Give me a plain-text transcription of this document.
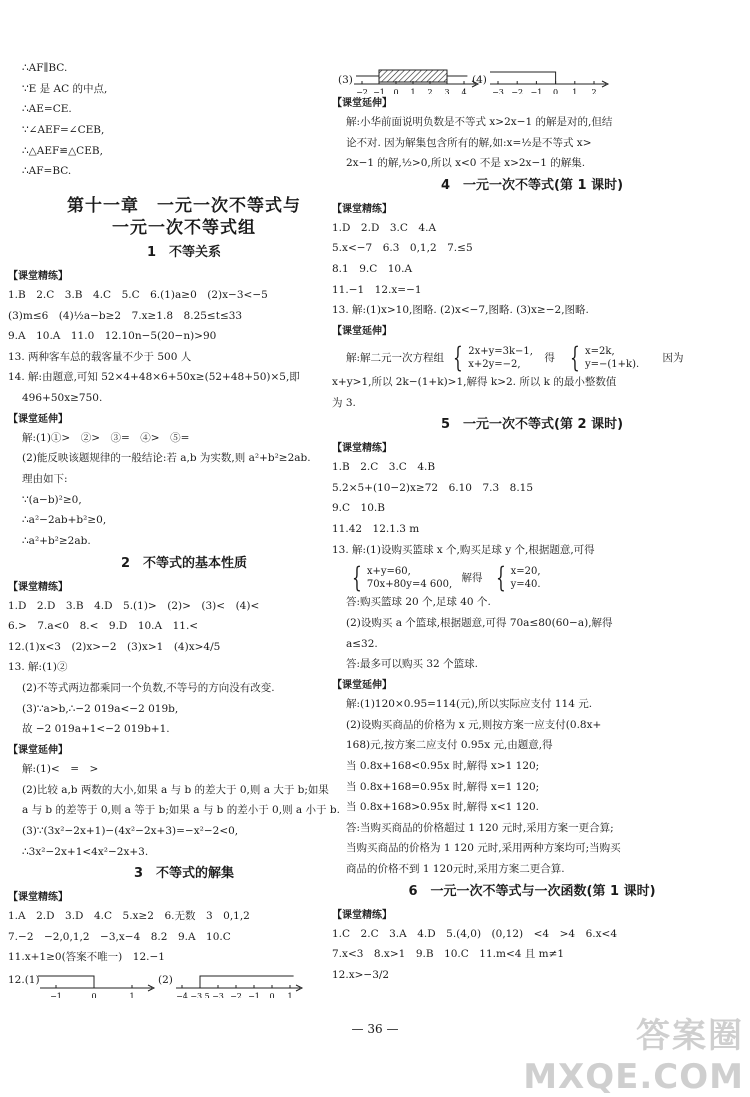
∴AF∥BC.
∵E 是 AC 的中点,
∴AE=CE.
∵∠AEF=∠CEB,
∴△AEF≌△CEB,
∴AF=BC.
第十一章　一元一次不等式与
一元一次不等式组
1　不等关系
【课堂精练】
1.B　2.C　3.B　4.C　5.C　6.(1)a≥0　(2)x−3<−5
(3)m≤6　(4)½a−b≥2　7.x≥1.8　8.25≤t≤33
9.A　10.A　11.0　12.10n−5(20−n)>90
13. 两种客车总的载客量不少于 500 人
14. 解:由题意,可知 52×4+48×6+50x≥(52+48+50)×5,即
496+50x≥750.
【课堂延伸】
解:(1)①>　②>　③=　④>　⑤=
(2)能反映该题规律的一般结论:若 a,b 为实数,则 a²+b²≥2ab.
理由如下:
∵(a−b)²≥0,
∴a²−2ab+b²≥0,
∴a²+b²≥2ab.
2　不等式的基本性质
【课堂精练】
1.D　2.D　3.B　4.D　5.(1)>　(2)>　(3)<　(4)<
6.>　7.a<0　8.<　9.D　10.A　11.<
12.(1)x<3　(2)x>−2　(3)x>1　(4)x>4/5
13. 解:(1)②
(2)不等式两边都乘同一个负数,不等号的方向没有改变.
(3)∵a>b,∴−2 019a<−2 019b,
故 −2 019a+1<−2 019b+1.
【课堂延伸】
解:(1)<　=　>
(2)比较 a,b 两数的大小,如果 a 与 b 的差大于 0,则 a 大于 b;如果
a 与 b 的差等于 0,则 a 等于 b;如果 a 与 b 的差小于 0,则 a 小于 b.
(3)∵(3x²−2x+1)−(4x²−2x+3)=−x²−2<0,
∴3x²−2x+1<4x²−2x+3.
3　不等式的解集
【课堂精练】
1.A　2.D　3.D　4.C　5.x≥2　6.无数　3　0,1,2
7.−2　−2,0,1,2　−3,x−4　8.2　9.A　10.C
11.x+1≥0(答案不唯一)　12.−1
12.(1)
−1	0	1
(2)
−4 −3.5 −3 −2 −1 0 1
(3)
−2 −1 0 1 2 3 4
(4)
−3 −2 −1 0 1 2
【课堂延伸】
解:小华前面说明负数是不等式 x>2x−1 的解是对的,但结
论不对. 因为解集包含所有的解,如:x=½是不等式 x>
2x−1 的解,½>0,所以 x<0 不是 x>2x−1 的解集.
4　一元一次不等式(第 1 课时)
【课堂精练】
1.D　2.D　3.C　4.A
5.x<−7　6.3　0,1,2　7.≤5
8.1　9.C　10.A
11.−1　12.x=−1
13. 解:(1)x>10,图略. (2)x<−7,图略. (3)x≥−2,图略.
【课堂延伸】
解:解二元一次方程组 { 2x+y=3k−1,
x+2y=−2,
得 { x=2k,
y=−(1+k).
因为
x+y>1,所以 2k−(1+k)>1,解得 k>2. 所以 k 的最小整数值
为 3.
5　一元一次不等式(第 2 课时)
【课堂精练】
1.B　2.C　3.C　4.B
5.2×5+(10−2)x≥72　6.10　7.3　8.15
9.C　10.B
11.42　12.1.3 m
13. 解:(1)设购买篮球 x 个,购买足球 y 个,根据题意,可得
{ x+y=60,
70x+80y=4 600,
解得 { x=20,
y=40.
答:购买篮球 20 个,足球 40 个.
(2)设购买 a 个篮球,根据题意,可得 70a≤80(60−a),解得
a≤32.
答:最多可以购买 32 个篮球.
【课堂延伸】
解:(1)120×0.95=114(元),所以实际应支付 114 元.
(2)设购买商品的价格为 x 元,则按方案一应支付(0.8x+
168)元,按方案二应支付 0.95x 元,由题意,得
当 0.8x+168<0.95x 时,解得 x>1 120;
当 0.8x+168=0.95x 时,解得 x=1 120;
当 0.8x+168>0.95x 时,解得 x<1 120.
答:当购买商品的价格超过 1 120 元时,采用方案一更合算;
当购买商品的价格为 1 120 元时,采用两种方案均可;当购买
商品的价格不到 1 120元时,采用方案二更合算.
6　一元一次不等式与一次函数(第 1 课时)
【课堂精练】
1.C　2.C　3.A　4.D　5.(4,0)　(0,12)　<4　>4　6.x<4
7.x<3　8.x>1　9.B　10.C　11.m<4 且 m≠1
12.x>−3/2
— 36 —	答案圈
MXQE.COM
